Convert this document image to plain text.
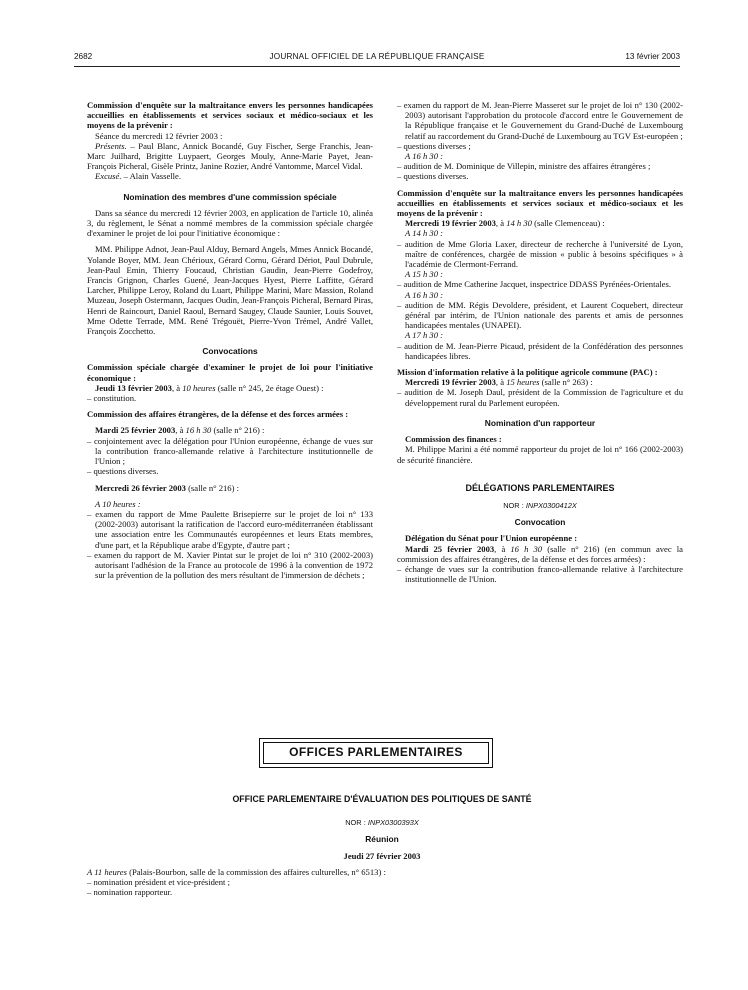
2682	JOURNAL OFFICIEL DE LA RÉPUBLIQUE FRANÇAISE	13 février 2003

Commission d'enquête sur la maltraitance envers les personnes handicapées accueillies en établissements et services sociaux et médico-sociaux et les moyens de la prévenir :

Séance du mercredi 12 février 2003 :

Présents. – Paul Blanc, Annick Bocandé, Guy Fischer, Serge Franchis, Jean-Marc Juilhard, Brigitte Luypaert, Georges Mouly, Anne-Marie Payet, Jean-François Picheral, Gisèle Printz, Janine Rozier, André Vantomme, Marcel Vidal.

Excusé. – Alain Vasselle.

Nomination des membres d'une commission spéciale

Dans sa séance du mercredi 12 février 2003, en application de l'article 10, alinéa 3, du règlement, le Sénat a nommé membres de la commission spéciale chargée d'examiner le projet de loi pour l'initiative économique :

MM. Philippe Adnot, Jean-Paul Alduy, Bernard Angels, Mmes Annick Bocandé, Yolande Boyer, MM. Jean Chérioux, Gérard Cornu, Gérard Dériot, Paul Dubrule, Jean-Paul Emin, Thierry Foucaud, Christian Gaudin, Jean-Pierre Godefroy, Francis Grignon, Charles Guené, Jean-Jacques Hyest, Pierre Laffitte, Gérard Larcher, Philippe Leroy, Roland du Luart, Philippe Marini, Marc Massion, Roland Muzeau, Joseph Ostermann, Jacques Oudin, Jean-François Picheral, Bernard Piras, Henri de Raincourt, Daniel Raoul, Bernard Saugey, Claude Saunier, Louis Souvet, Mme Odette Terrade, MM. René Trégouët, Pierre-Yvon Trémel, André Vallet, François Zocchetto.

Convocations

Commission spéciale chargée d'examiner le projet de loi pour l'initiative économique :

Jeudi 13 février 2003, à 10 heures (salle n° 245, 2e étage Ouest) :

– constitution.

Commission des affaires étrangères, de la défense et des forces armées :

Mardi 25 février 2003, à 16 h 30 (salle n° 216) :

– conjointement avec la délégation pour l'Union européenne, échange de vues sur la contribution franco-allemande relative à l'architecture institutionnelle de l'Union ;

– questions diverses.

Mercredi 26 février 2003 (salle n° 216) :

A 10 heures :

– examen du rapport de Mme Paulette Brisepierre sur le projet de loi n° 133 (2002-2003) autorisant la ratification de l'accord euro-méditerranéen établissant une association entre les Communautés européennes et leurs Etats membres, d'une part, et la République arabe d'Egypte, d'autre part ;

– examen du rapport de M. Xavier Pintat sur le projet de loi n° 310 (2002-2003) autorisant l'adhésion de la France au protocole de 1996 à la convention de 1972 sur la prévention de la pollution des mers résultant de l'immersion de déchets ;

– examen du rapport de M. Jean-Pierre Masseret sur le projet de loi n° 130 (2002-2003) autorisant l'approbation du protocole d'accord entre le Gouvernement de la République française et le Gouvernement du Grand-Duché de Luxembourg relatif au raccordement du Grand-Duché de Luxembourg au TGV Est-européen ;

– questions diverses ;

A 16 h 30 :

– audition de M. Dominique de Villepin, ministre des affaires étrangères ;

– questions diverses.

Commission d'enquête sur la maltraitance envers les personnes handicapées accueillies en établissements et services sociaux et médico-sociaux et les moyens de la prévenir :

Mercredi 19 février 2003, à 14 h 30 (salle Clemenceau) :

A 14 h 30 :

– audition de Mme Gloria Laxer, directeur de recherche à l'université de Lyon, maître de conférences, chargée de mission « public à besoins spécifiques » à l'académie de Clermont-Ferrand.

A 15 h 30 :

– audition de Mme Catherine Jacquet, inspectrice DDASS Pyrénées-Orientales.

A 16 h 30 :

– audition de MM. Régis Devoldere, président, et Laurent Coquebert, directeur général par intérim, de l'Union nationale des parents et amis de personnes handicapées mentales (UNAPEI).

A 17 h 30 :

– audition de M. Jean-Pierre Picaud, président de la Confédération des personnes handicapées libres.

Mission d'information relative à la politique agricole commune (PAC) :

Mercredi 19 février 2003, à 15 heures (salle n° 263) :

– audition de M. Joseph Daul, président de la Commission de l'agriculture et du développement rural du Parlement européen.

Nomination d'un rapporteur

Commission des finances :

M. Philippe Marini a été nommé rapporteur du projet de loi n° 166 (2002-2003) de sécurité financière.

DÉLÉGATIONS PARLEMENTAIRES
NOR : INPX0300412X
Convocation

Délégation du Sénat pour l'Union européenne :

Mardi 25 février 2003, à 16 h 30 (salle n° 216) (en commun avec la commission des affaires étrangères, de la défense et des forces armées) :

– échange de vues sur la contribution franco-allemande relative à l'architecture institutionnelle de l'Union.

OFFICES PARLEMENTAIRES
OFFICE PARLEMENTAIRE D'ÉVALUATION DES POLITIQUES DE SANTÉ
NOR : INPX0300393X
Réunion

Jeudi 27 février 2003

A 11 heures (Palais-Bourbon, salle de la commission des affaires culturelles, n° 6513) :

– nomination président et vice-président ;

– nomination rapporteur.
